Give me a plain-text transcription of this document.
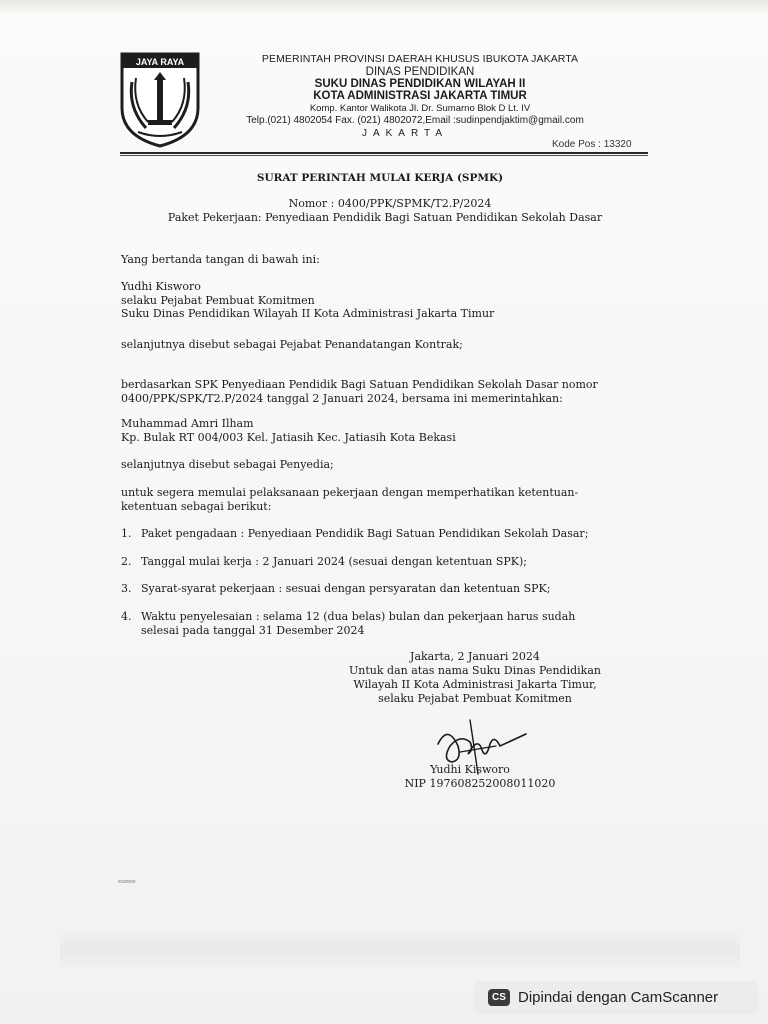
JAYA RAYA	PEMERINTAH PROVINSI DAERAH KHUSUS IBUKOTA JAKARTA
DINAS PENDIDIKAN
SUKU DINAS PENDIDIKAN WILAYAH II
KOTA ADMINISTRASI JAKARTA TIMUR
Komp. Kantor Walikota Jl. Dr. Sumarno Blok D Lt. IV
Telp.(021) 4802054 Fax. (021) 4802072,Email :sudinpendjaktim@gmail.com
JAKARTA
Kode Pos : 13320
SURAT PERINTAH MULAI KERJA (SPMK)
Nomor : 0400/PPK/SPMK/T2.P/2024
Paket Pekerjaan: Penyediaan Pendidik Bagi Satuan Pendidikan Sekolah Dasar
Yang bertanda tangan di bawah ini:
Yudhi Kisworo
selaku Pejabat Pembuat Komitmen
Suku Dinas Pendidikan Wilayah II Kota Administrasi Jakarta Timur
selanjutnya disebut sebagai Pejabat Penandatangan Kontrak;
berdasarkan SPK Penyediaan Pendidik Bagi Satuan Pendidikan Sekolah Dasar nomor
0400/PPK/SPK/T2.P/2024 tanggal 2 Januari 2024, bersama ini memerintahkan:
Muhammad Amri Ilham
Kp. Bulak RT 004/003 Kel. Jatiasih Kec. Jatiasih Kota Bekasi
selanjutnya disebut sebagai Penyedia;
untuk segera memulai pelaksanaan pekerjaan dengan memperhatikan ketentuan-
ketentuan sebagai berikut:
1. Paket pengadaan : Penyediaan Pendidik Bagi Satuan Pendidikan Sekolah Dasar;
2. Tanggal mulai kerja : 2 Januari 2024 (sesuai dengan ketentuan SPK);
3. Syarat-syarat pekerjaan : sesuai dengan persyaratan dan ketentuan SPK;
4. Waktu penyelesaian : selama 12 (dua belas) bulan dan pekerjaan harus sudah
selesai pada tanggal 31 Desember 2024
Jakarta, 2 Januari 2024
Untuk dan atas nama Suku Dinas Pendidikan
Wilayah II Kota Administrasi Jakarta Timur,
selaku Pejabat Pembuat Komitmen
Yudhi Kisworo
NIP 197608252008011020
scanner
CS Dipindai dengan CamScanner
